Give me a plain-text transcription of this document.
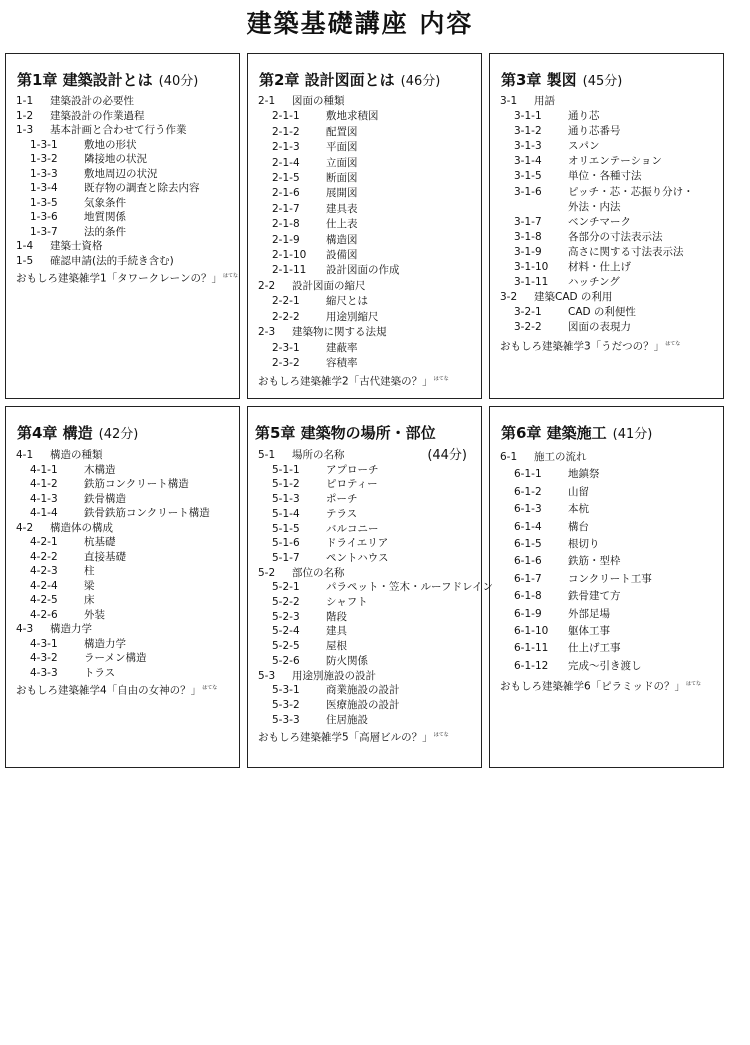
建築基礎講座 内容
第1章 建築設計とは (40分)
1-1 建築設計の必要性
1-2 建築設計の作業過程
1-3 基本計画と合わせて行う作業
1-3-1	敷地の形状
1-3-2	隣接地の状況
1-3-3	敷地周辺の状況
1-3-4	既存物の調査と除去内容
1-3-5	気象条件
1-3-6	地質関係
1-3-7	法的条件
1-4 建築士資格
1-5 確認申請(法的手続き含む)
おもしろ建築雑学1「タワークレーンの？」$^{はてな}$
第2章 設計図面とは (46分)
2-1 図面の種類
2-1-1	敷地求積図
2-1-2	配置図
2-1-3	平面図
2-1-4	立面図
2-1-5	断面図
2-1-6	展開図
2-1-7	建具表
2-1-8	仕上表
2-1-9	構造図
2-1-10 設備図
2-1-11 設計図面の作成
2-2 設計図面の縮尺
2-2-1	縮尺とは
2-2-2	用途別縮尺
2-3 建築物に関する法規
2-3-1	建蔽率
2-3-2	容積率
おもしろ建築雑学2「古代建築の？」$^{はてな}$
第3章 製図 (45分)
3-1 用語
3-1-1	通り芯
3-1-2	通り芯番号
3-1-3	スパン
3-1-4	オリエンテーション
3-1-5	単位・各種寸法
3-1-6	ピッチ・芯・芯振り分け・
外法・内法
3-1-7	ベンチマーク
3-1-8	各部分の寸法表示法
3-1-9	高さに関する寸法表示法
3-1-10 材料・仕上げ
3-1-11 ハッチング
3-2 建築CAD の利用
3-2-1	CAD の利便性
3-2-2	図面の表現力
おもしろ建築雑学3「うだつの？」$^{はてな}$
第4章 構造 (42分)
4-1 構造の種類
4-1-1	木構造
4-1-2	鉄筋コンクリート構造
4-1-3	鉄骨構造
4-1-4	鉄骨鉄筋コンクリート構造
4-2 構造体の構成
4-2-1	杭基礎
4-2-2	直接基礎
4-2-3	柱
4-2-4	梁
4-2-5	床
4-2-6	外装
4-3 構造力学
4-3-1	構造力学
4-3-2	ラーメン構造
4-3-3	トラス
おもしろ建築雑学4「自由の女神の？」$^{はてな}$
第5章 建築物の場所・部位
(44分)
5-1 場所の名称
5-1-1	アプローチ
5-1-2	ピロティー
5-1-3	ポーチ
5-1-4	テラス
5-1-5	バルコニー
5-1-6	ドライエリア
5-1-7	ペントハウス
5-2 部位の名称
5-2-1	パラペット・笠木・ルーフドレイン
5-2-2	シャフト
5-2-3	階段
5-2-4	建具
5-2-5	屋根
5-2-6	防火関係
5-3 用途別施設の設計
5-3-1	商業施設の設計
5-3-2	医療施設の設計
5-3-3	住居施設
おもしろ建築雑学5「高層ビルの？」$^{はてな}$
第6章 建築施工 (41分)
6-1 施工の流れ
6-1-1	地鎮祭
6-1-2	山留
6-1-3	本杭
6-1-4	構台
6-1-5	根切り
6-1-6	鉄筋・型枠
6-1-7	コンクリート工事
6-1-8	鉄骨建て方
6-1-9	外部足場
6-1-10 躯体工事
6-1-11 仕上げ工事
6-1-12 完成～引き渡し
おもしろ建築雑学6「ピラミッドの？」$^{はてな}$
